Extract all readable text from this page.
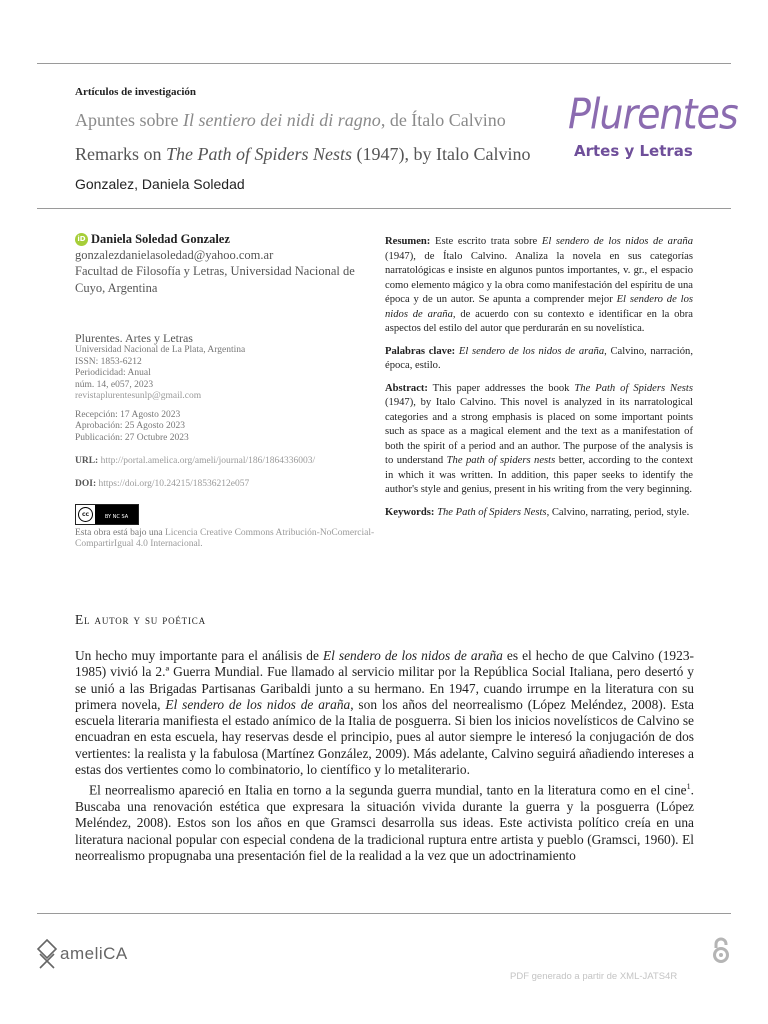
Artículos de investigación
Apuntes sobre Il sentiero dei nidi di ragno, de Ítalo Calvino
Remarks on The Path of Spiders Nests (1947), by Italo Calvino
Gonzalez, Daniela Soledad
Plurentes
Artes y Letras
iD Daniela Soledad Gonzalez
gonzalezdanielasoledad@yahoo.com.ar
Facultad de Filosofía y Letras, Universidad Nacional de Cuyo, Argentina
Plurentes. Artes y Letras
Universidad Nacional de La Plata, Argentina
ISSN: 1853-6212
Periodicidad: Anual
núm. 14, e057, 2023
revistaplurentesunlp@gmail.com
Recepción: 17 Agosto 2023
Aprobación: 25 Agosto 2023
Publicación: 27 Octubre 2023
URL: http://portal.amelica.org/ameli/journal/186/1864336003/
DOI: https://doi.org/10.24215/18536212e057
cc	BY NC SA
Esta obra está bajo una Licencia Creative Commons Atribución-NoComercial-CompartirIgual 4.0 Internacional.

Resumen: Este escrito trata sobre El sendero de los nidos de araña (1947), de Ítalo Calvino. Analiza la novela en sus categorías narratológicas e insiste en algunos puntos importantes, v. gr., el espacio como elemento mágico y la obra como manifestación del espíritu de una época y de un autor. Se apunta a comprender mejor El sendero de los nidos de araña, de acuerdo con su contexto e identificar en la obra aspectos del estilo del autor que perdurarán en su novelística.

Palabras clave: El sendero de los nidos de araña, Calvino, narración, época, estilo.

Abstract: This paper addresses the book The Path of Spiders Nests (1947), by Italo Calvino. This novel is analyzed in its narratological categories and a strong emphasis is placed on some important points such as space as a magical element and the text as a manifestation of both the spirit of a period and an author. The purpose of the analysis is to understand The path of spiders nests better, according to the context in which it was written. In addition, this paper seeks to identify the author's style and genius, present in his writing from the very beginning.

Keywords: The Path of Spiders Nests, Calvino, narrating, period, style.

El autor y su poética

Un hecho muy importante para el análisis de El sendero de los nidos de araña es el hecho de que Calvino (1923-1985) vivió la 2.ª Guerra Mundial. Fue llamado al servicio militar por la República Social Italiana, pero desertó y se unió a las Brigadas Partisanas Garibaldi junto a su hermano. En 1947, cuando irrumpe en la literatura con su primera novela, El sendero de los nidos de araña, son los años del neorrealismo (López Meléndez, 2008). Esta escuela literaria manifiesta el estado anímico de la Italia de posguerra. Si bien los inicios novelísticos de Calvino se encuadran en esta escuela, hay reservas desde el principio, pues al autor siempre le interesó la conjugación de dos vertientes: la realista y la fabulosa (Martínez González, 2009). Más adelante, Calvino seguirá añadiendo intereses a estas dos vertientes como lo combinatorio, lo científico y lo metaliterario.

El neorrealismo apareció en Italia en torno a la segunda guerra mundial, tanto en la literatura como en el cine$^1$. Buscaba una renovación estética que expresara la situación vivida durante la guerra y la posguerra (López Meléndez, 2008). Estos son los años en que Gramsci desarrolla sus ideas. Este activista político creía en una literatura nacional popular con especial condena de la tradicional ruptura entre artista y pueblo (Gramsci, 1960). El neorrealismo propugnaba una presentación fiel de la realidad a la vez que un adoctrinamiento

ameliCA
PDF generado a partir de XML-JATS4R
